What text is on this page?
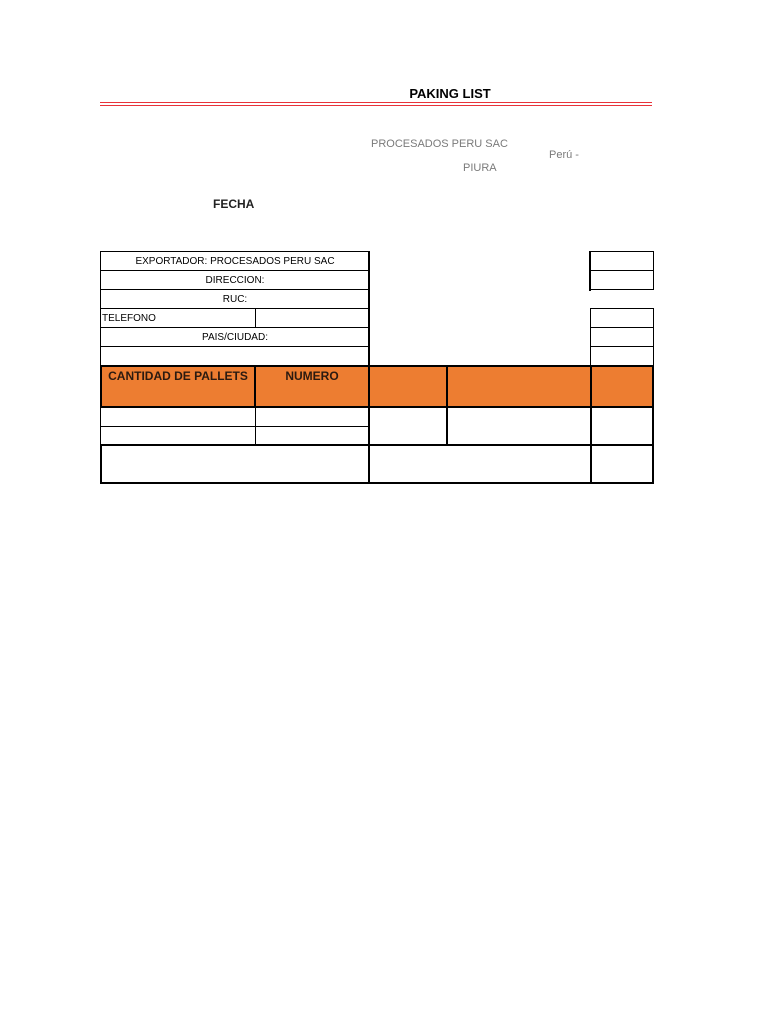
PAKING LIST
PROCESADOS PERU SAC
Perú -
PIURA
FECHA
EXPORTADOR: PROCESADOS PERU SAC
DIRECCION:
RUC:
TELEFONO
PAIS/CIUDAD:
CANTIDAD DE PALLETS	NUMERO
